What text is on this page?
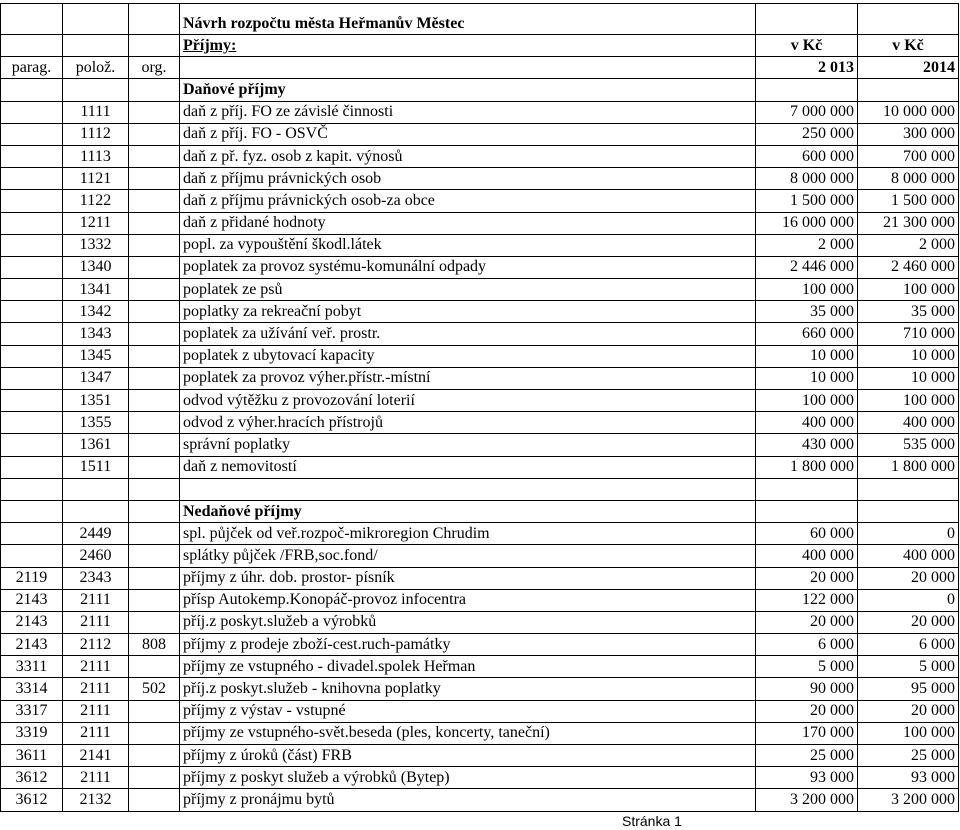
			Návrh rozpočtu města Heřmanův Městec		
			Příjmy:	v Kč	v Kč
parag.	polož.	org.		2 013	2014
			Daňové příjmy		
	1111		daň z příj. FO ze závislé činnosti	7 000 000	10 000 000
	1112		daň z příj. FO - OSVČ	250 000	300 000
	1113		daň z př. fyz. osob z kapit. výnosů	600 000	700 000
	1121		daň z příjmu právnických osob	8 000 000	8 000 000
	1122		daň z příjmu právnických osob-za obce	1 500 000	1 500 000
	1211		daň z přidané hodnoty	16 000 000	21 300 000
	1332		popl. za vypouštění škodl.látek	2 000	2 000
	1340		poplatek za provoz systému-komunální odpady	2 446 000	2 460 000
	1341		poplatek ze psů	100 000	100 000
	1342		poplatky za rekreační pobyt	35 000	35 000
	1343		poplatek za užívání veř. prostr.	660 000	710 000
	1345		poplatek z ubytovací kapacity	10 000	10 000
	1347		poplatek za provoz výher.přístr.-místní	10 000	10 000
	1351		odvod výtěžku z provozování loterií	100 000	100 000
	1355		odvod z výher.hracích přístrojů	400 000	400 000
	1361		správní poplatky	430 000	535 000
	1511		daň z nemovitostí	1 800 000	1 800 000

			Nedaňové příjmy		
	2449		spl. půjček od veř.rozpoč-mikroregion Chrudim	60 000	0
	2460		splátky půjček /FRB,soc.fond/	400 000	400 000
2119	2343		příjmy z úhr. dob. prostor- písník	20 000	20 000
2143	2111		přísp Autokemp.Konopáč-provoz infocentra	122 000	0
2143	2111		příj.z poskyt.služeb a výrobků	20 000	20 000
2143	2112	808	příjmy z prodeje zboží-cest.ruch-památky	6 000	6 000
3311	2111		příjmy ze vstupného - divadel.spolek Heřman	5 000	5 000
3314	2111	502	příj.z poskyt.služeb - knihovna poplatky	90 000	95 000
3317	2111		příjmy z výstav - vstupné	20 000	20 000
3319	2111		příjmy ze vstupného-svět.beseda (ples, koncerty, taneční)	170 000	100 000
3611	2141		příjmy z úroků (část) FRB	25 000	25 000
3612	2111		příjmy z poskyt služeb a výrobků (Bytep)	93 000	93 000
3612	2132		příjmy z pronájmu bytů	3 200 000	3 200 000
Stránka 1
